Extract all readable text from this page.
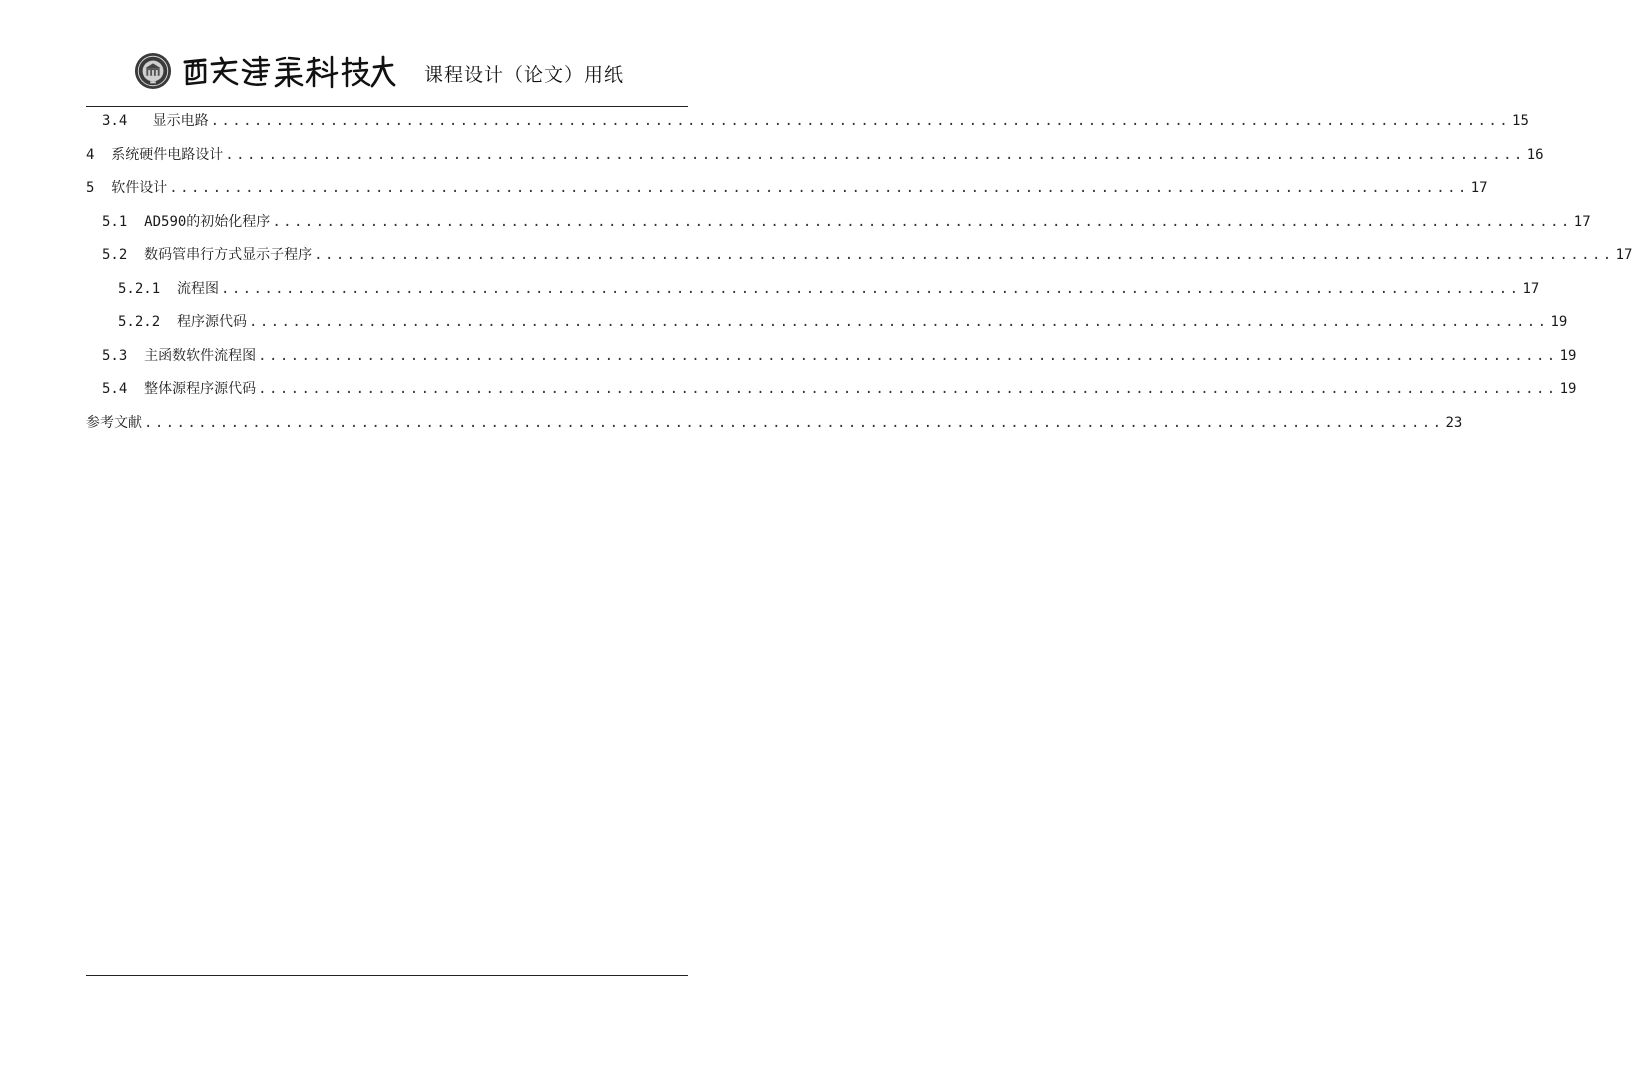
课程设计（论文）用纸
3.4
显示电路 ........................................................................................................................ 15
4
系统硬件电路设计 ........................................................................................................................ 16
5
软件设计 ........................................................................................................................ 17
5.1
AD590的初始化程序 ........................................................................................................................ 17
5.2
数码管串行方式显示子程序 ........................................................................................................................ 17
5.2.1
流程图 ........................................................................................................................ 17
5.2.2
程序源代码 ........................................................................................................................ 19
5.3
主函数软件流程图 ........................................................................................................................ 19
5.4
整体源程序源代码 ........................................................................................................................ 19
参考文献 ........................................................................................................................ 23
